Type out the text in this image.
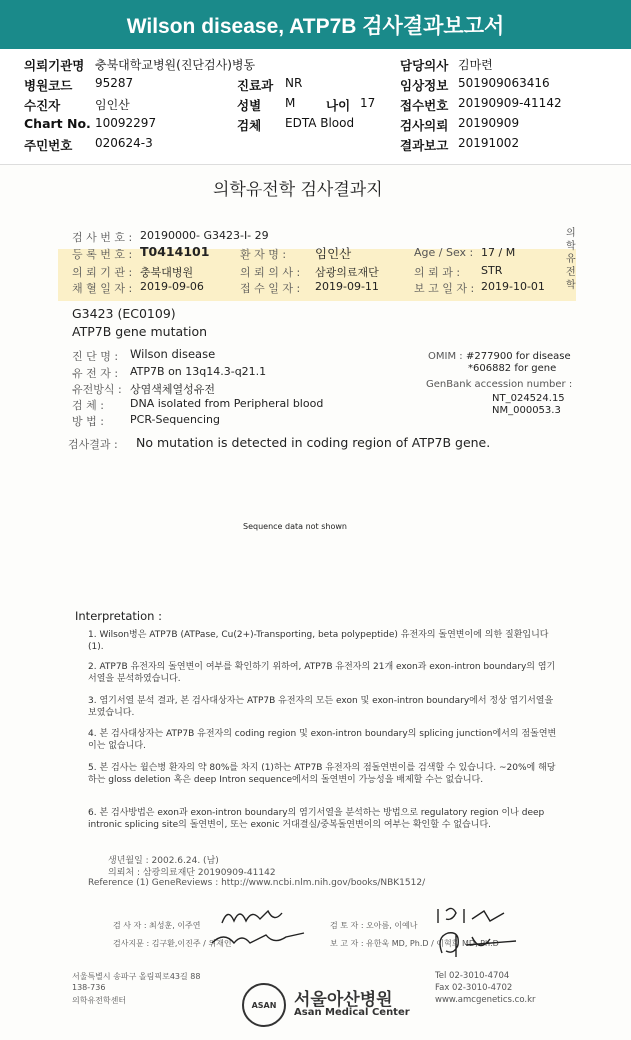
Wilson disease, ATP7B 검사결과보고서
의뢰기관명 충북대학교병원(진단검사)병동	담당의사 김마련
병원코드 95287	진료과 NR	임상정보 501909063416
수진자	임인산	성별 M 나이 17 접수번호 20190909-41142
Chart No. 10092297	검체 EDTA Blood	검사의뢰 20190909
주민번호 020624-3	결과보고 20191002
의학유전학 검사결과지
의학유전학
검 사 번 호 : 20190000- G3423-I- 29
등 록 번 호 : T0414101	환 자 명 : 임인산	Age / Sex : 17 / M
의 뢰 기 관 : 충북대병원	의 뢰 의 사 : 삼광의료재단	의 뢰 과 : STR
채 혈 일 자 : 2019-09-06	접 수 일 자 : 2019-09-11	보 고 일 자 : 2019-10-01
G3423 (EC0109)
ATP7B gene mutation
진 단 명 : Wilson disease
유 전 자 : ATP7B on 13q14.3-q21.1
유전방식 : 상염색체열성유전
검 체 : DNA isolated from Peripheral blood
방 법 : PCR-Sequencing
OMIM : #277900 for disease
*606882 for gene
GenBank accession number :
NT_024524.15
NM_000053.3
검사결과 : No mutation is detected in coding region of ATP7B gene.
Sequence data not shown
Interpretation :

1. Wilson병은 ATP7B (ATPase, Cu(2+)-Transporting, beta polypeptide) 유전자의 돌연변이에 의한 질환입니다 (1).

2. ATP7B 유전자의 돌연변이 여부를 확인하기 위하여, ATP7B 유전자의 21개 exon과 exon-intron boundary의 염기서열을 분석하였습니다.

3. 염기서열 분석 결과, 본 검사대상자는 ATP7B 유전자의 모든 exon 및 exon-intron boundary에서 정상 염기서열을 보였습니다.

4. 본 검사대상자는 ATP7B 유전자의 coding region 및 exon-intron boundary의 splicing junction에서의 점돌연변이는 없습니다.

5. 본 검사는 윌슨병 환자의 약 80%를 차지 (1)하는 ATP7B 유전자의 점돌연변이를 검색할 수 있습니다. ~20%에 해당하는 gloss deletion 혹은 deep Intron sequence에서의 돌연변이 가능성을 배제할 수는 없습니다.

6. 본 검사방법은 exon과 exon-intron boundary의 염기서열을 분석하는 방법으로 regulatory region 이나 deep intronic splicing site의 돌연변이, 또는 exonic 거대결실/중복돌연변이의 여부는 확인할 수 없습니다.

생년월일 : 2002.6.24. (남)
의뢰처 : 삼광의료재단 20190909-41142
Reference (1) GeneReviews : http://www.ncbi.nlm.nih.gov/books/NBK1512/
검 사 자 : 최성훈, 이주연	검 토 자 : 오아름, 이예나
검사지문 : 김구환,이진주 / 위재인	보 고 자 : 유한욱 MD, Ph.D / 이혁희 MD, Ph.D
서울특별시 송파구 올림픽로43길 88
138-736
의학유전학센터	ASAN 서울아산병원
Asan Medical Center
Tel 02-3010-4704
Fax 02-3010-4702
www.amcgenetics.co.kr
